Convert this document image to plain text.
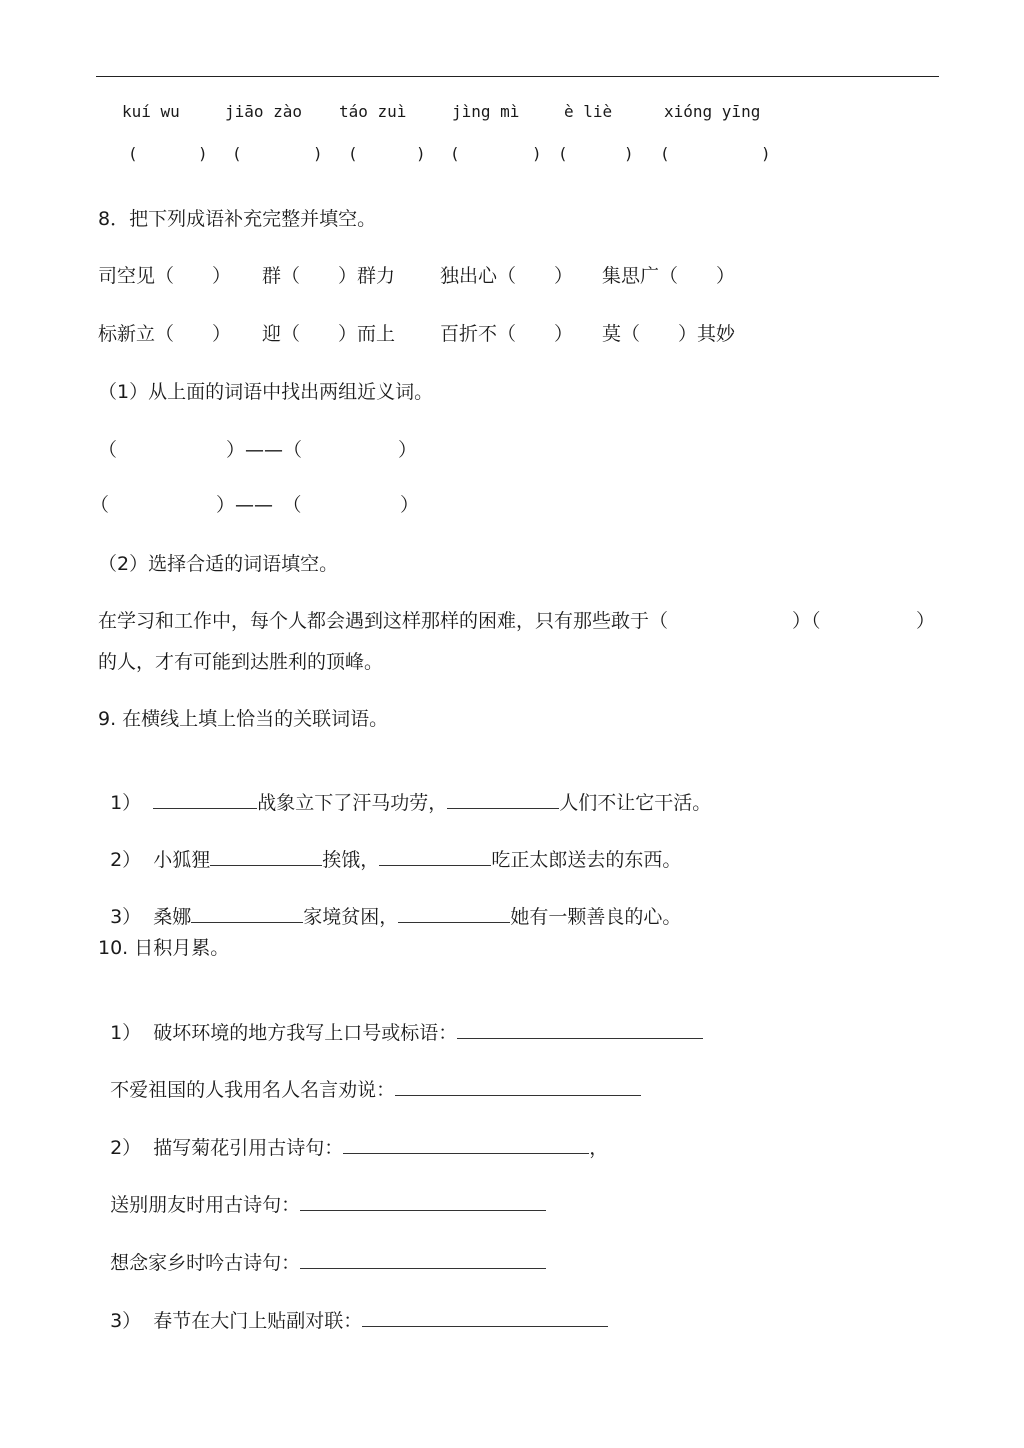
kuí wu	jiāo zào táo zuì	jìng mì	è liè	xióng yīng
(	) (	) (	) (	) (	) (	)
8．把下列成语补充完整并填空。
司空见（　　） 群（　　）群力 独出心（　　） 集思广（　　）
标新立（　　） 迎（　　）而上 百折不（　　） 莫（　　）其妙
（1）从上面的词语中找出两组近义词。
（	）——（	）
（	）——　（	）
（2）选择合适的词语填空。
在学习和工作中，每个人都会遇到这样那样的困难，只有那些敢于（	）（	）
的人，才有可能到达胜利的顶峰。
9. 在横线上填上恰当的关联词语。

1）	战象立下了汗马功劳，	人们不让它干活。

2） 小狐狸	挨饿，	吃正太郎送去的东西。

3） 桑娜	家境贫困，	她有一颗善良的心。

10. 日积月累。

1）  破坏环境的地方我写上口号或标语：

不爱祖国的人我用名人名言劝说：

2）  描写菊花引用古诗句：	，

送别朋友时用古诗句：

想念家乡时吟古诗句：

3）  春节在大门上贴副对联：
